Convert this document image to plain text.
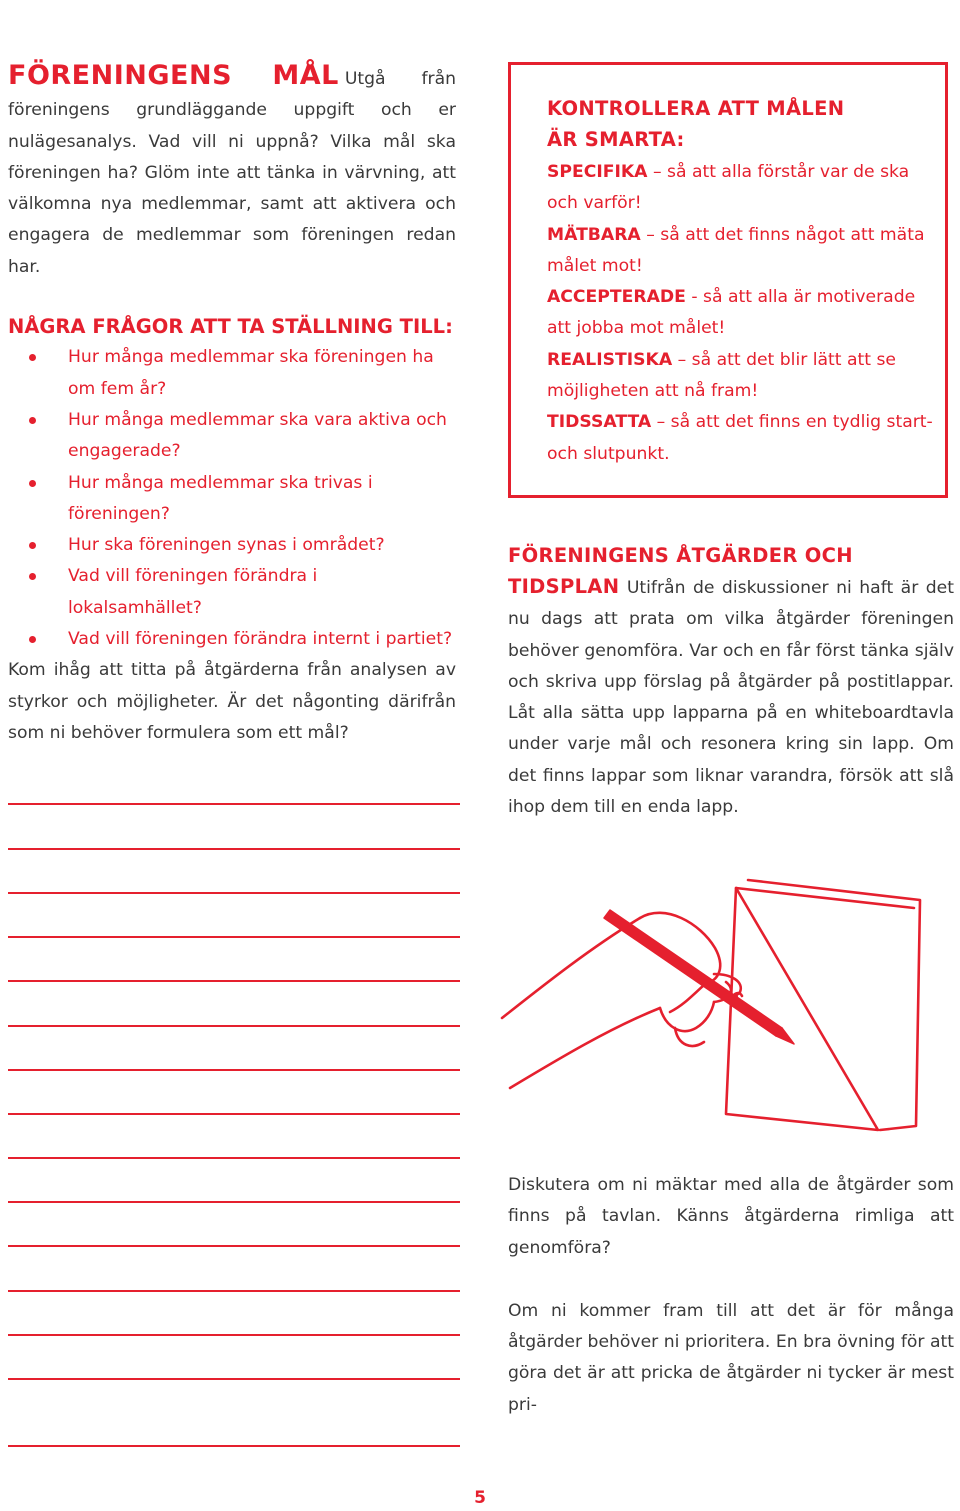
FÖRENINGENS MÅL Utgå från föreningens grundläggande uppgift och er nulägesanalys. Vad vill ni uppnå? Vilka mål ska föreningen ha? Glöm inte att tänka in värvning, att välkomna nya medlemmar, samt att aktivera och engagera de medlemmar som föreningen redan har.

NÅGRA FRÅGOR ATT TA STÄLLNING TILL:

Hur många medlemmar ska föreningen ha om fem år?
Hur många medlemmar ska vara aktiva och engagerade?
Hur många medlemmar ska trivas i föreningen?
Hur ska föreningen synas i området?
Vad vill föreningen förändra i lokalsamhället?
Vad vill föreningen förändra internt i partiet?

Kom ihåg att titta på åtgärderna från analysen av styrkor och möjligheter. Är det någonting därifrån som ni behöver formulera som ett mål?

KONTROLLERA ATT MÅLEN ÄR SMARTA:

SPECIFIKA – så att alla förstår var de ska och varför!

MÄTBARA – så att det finns något att mäta målet mot!

ACCEPTERADE - så att alla är motiverade att jobba mot målet!

REALISTISKA – så att det blir lätt att se möjligheten att nå fram!

TIDSSATTA – så att det finns en tydlig start- och slutpunkt.

FÖRENINGENS ÅTGÄRDER OCH

TIDSPLAN Utifrån de diskussioner ni haft är det nu dags att prata om vilka åtgärder föreningen behöver genomföra. Var och en får först tänka själv och skriva upp förslag på åtgärder på postitlappar. Låt alla sätta upp lapparna på en whiteboardtavla under varje mål och resonera kring sin lapp. Om det finns lappar som liknar varandra, försök att slå ihop dem till en enda lapp.

Diskutera om ni mäktar med alla de åtgärder som finns på tavlan. Känns åtgärderna rimliga att genomföra?

Om ni kommer fram till att det är för många åtgärder behöver ni prioritera. En bra övning för att göra det är att pricka de åtgärder ni tycker är mest pri-

5
